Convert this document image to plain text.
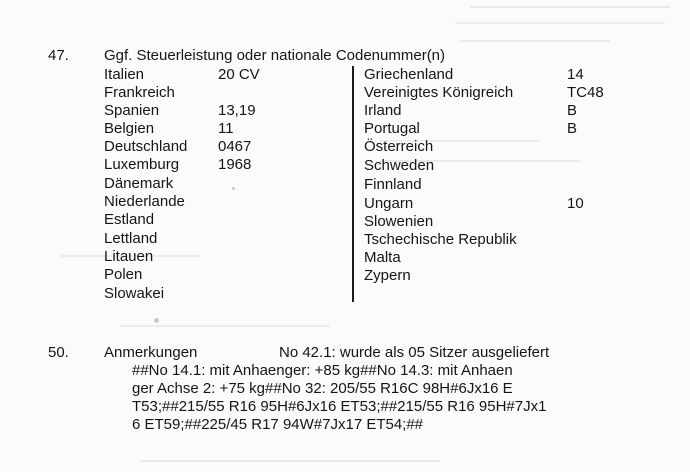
47. Ggf. Steuerleistung oder nationale Codenummer(n)
Italien	20 CV
Frankreich
Spanien	13,19
Belgien	11
Deutschland 0467
Luxemburg	1968
Dänemark
Niederlande
Estland
Lettland
Litauen
Polen
Slowakei
Griechenland	14
Vereinigtes Königreich	TC48
Irland	B
Portugal	B
Österreich
Schweden
Finnland
Ungarn	10
Slowenien
Tschechische Republik
Malta
Zypern
50. Anmerkungen	No 42.1: wurde als 05 Sitzer ausgeliefert
##No 14.1: mit Anhaenger: +85 kg##No 14.3: mit Anhaen
ger Achse 2: +75 kg##No 32: 205/55 R16C 98H#6Jx16 E
T53;##215/55 R16 95H#6Jx16 ET53;##215/55 R16 95H#7Jx1
6 ET59;##225/45 R17 94W#7Jx17 ET54;##
